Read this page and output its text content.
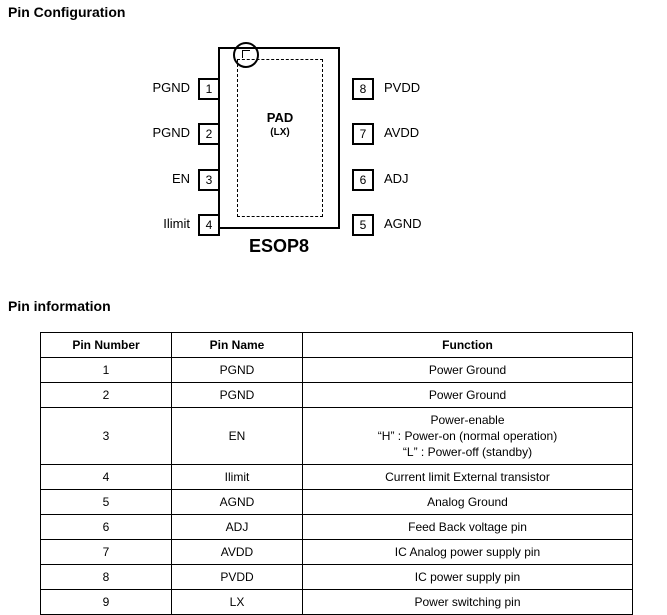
Pin Configuration
PAD
(LX)
1
PGND
2
PGND
3
EN
4
Ilimit
8	PVDD
7	AVDD
6	ADJ
5	AGND
ESOP8
Pin information
Pin Number	Pin Name	Function
1	PGND	Power Ground
2	PGND	Power Ground
3	EN	Power-enable
“H” : Power-on (normal operation)
“L” : Power-off (standby)

4	Ilimit	Current limit External transistor
5	AGND	Analog Ground
6	ADJ	Feed Back voltage pin
7	AVDD	IC Analog power supply pin
8	PVDD	IC power supply pin
9	LX	Power switching pin
